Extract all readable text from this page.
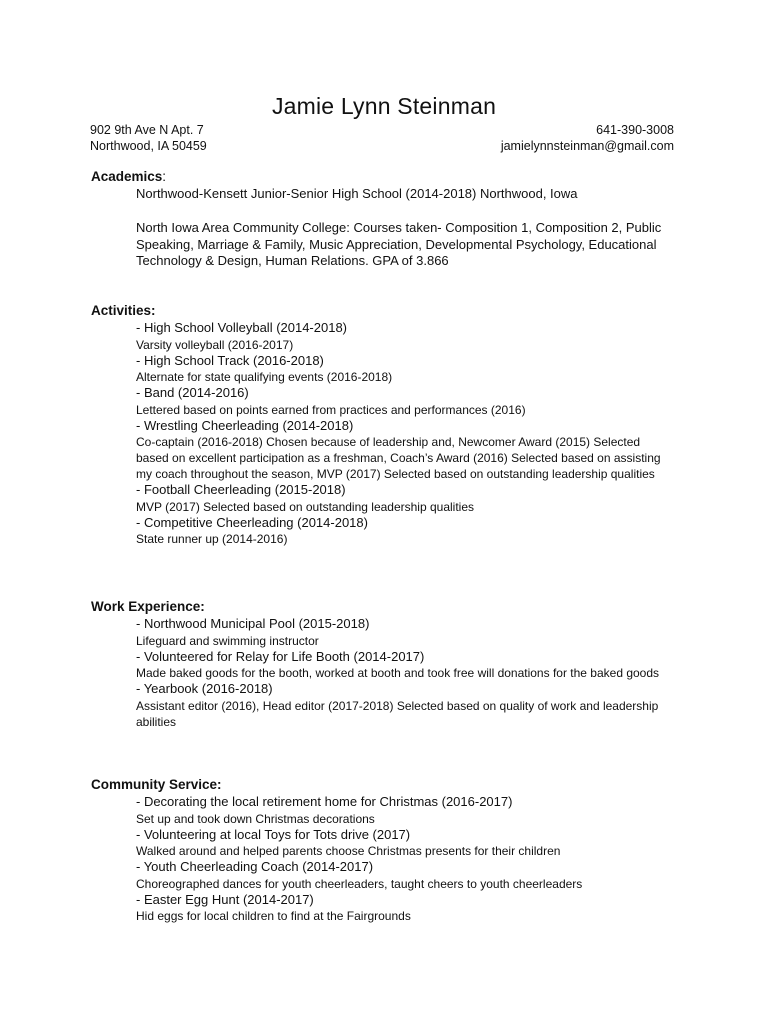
Jamie Lynn Steinman
902 9th Ave N Apt. 7
Northwood, IA 50459
641-390-3008
jamielynnsteinman@gmail.com
Academics:
Northwood-Kensett Junior-Senior High School (2014-2018) Northwood, Iowa
North Iowa Area Community College: Courses taken- Composition 1, Composition 2, Public Speaking, Marriage & Family, Music Appreciation, Developmental Psychology, Educational Technology & Design, Human Relations. GPA of 3.866
Activities:
- High School Volleyball (2014-2018)
Varsity volleyball (2016-2017)
- High School Track (2016-2018)
Alternate for state qualifying events (2016-2018)
- Band (2014-2016)
Lettered based on points earned from practices and performances (2016)
- Wrestling Cheerleading (2014-2018)
Co-captain (2016-2018) Chosen because of leadership and, Newcomer Award (2015) Selected based on excellent participation as a freshman, Coach’s Award (2016) Selected based on assisting my coach throughout the season, MVP (2017) Selected based on outstanding leadership qualities
- Football Cheerleading (2015-2018)
MVP (2017) Selected based on outstanding leadership qualities
- Competitive Cheerleading (2014-2018)
State runner up (2014-2016)
Work Experience:
- Northwood Municipal Pool (2015-2018)
Lifeguard and swimming instructor
- Volunteered for Relay for Life Booth (2014-2017)
Made baked goods for the booth, worked at booth and took free will donations for the baked goods
- Yearbook (2016-2018)
Assistant editor (2016), Head editor (2017-2018) Selected based on quality of work and leadership abilities
Community Service:
- Decorating the local retirement home for Christmas (2016-2017)
Set up and took down Christmas decorations
- Volunteering at local Toys for Tots drive (2017)
Walked around and helped parents choose Christmas presents for their children
- Youth Cheerleading Coach (2014-2017)
Choreographed dances for youth cheerleaders, taught cheers to youth cheerleaders
- Easter Egg Hunt (2014-2017)
Hid eggs for local children to find at the Fairgrounds
